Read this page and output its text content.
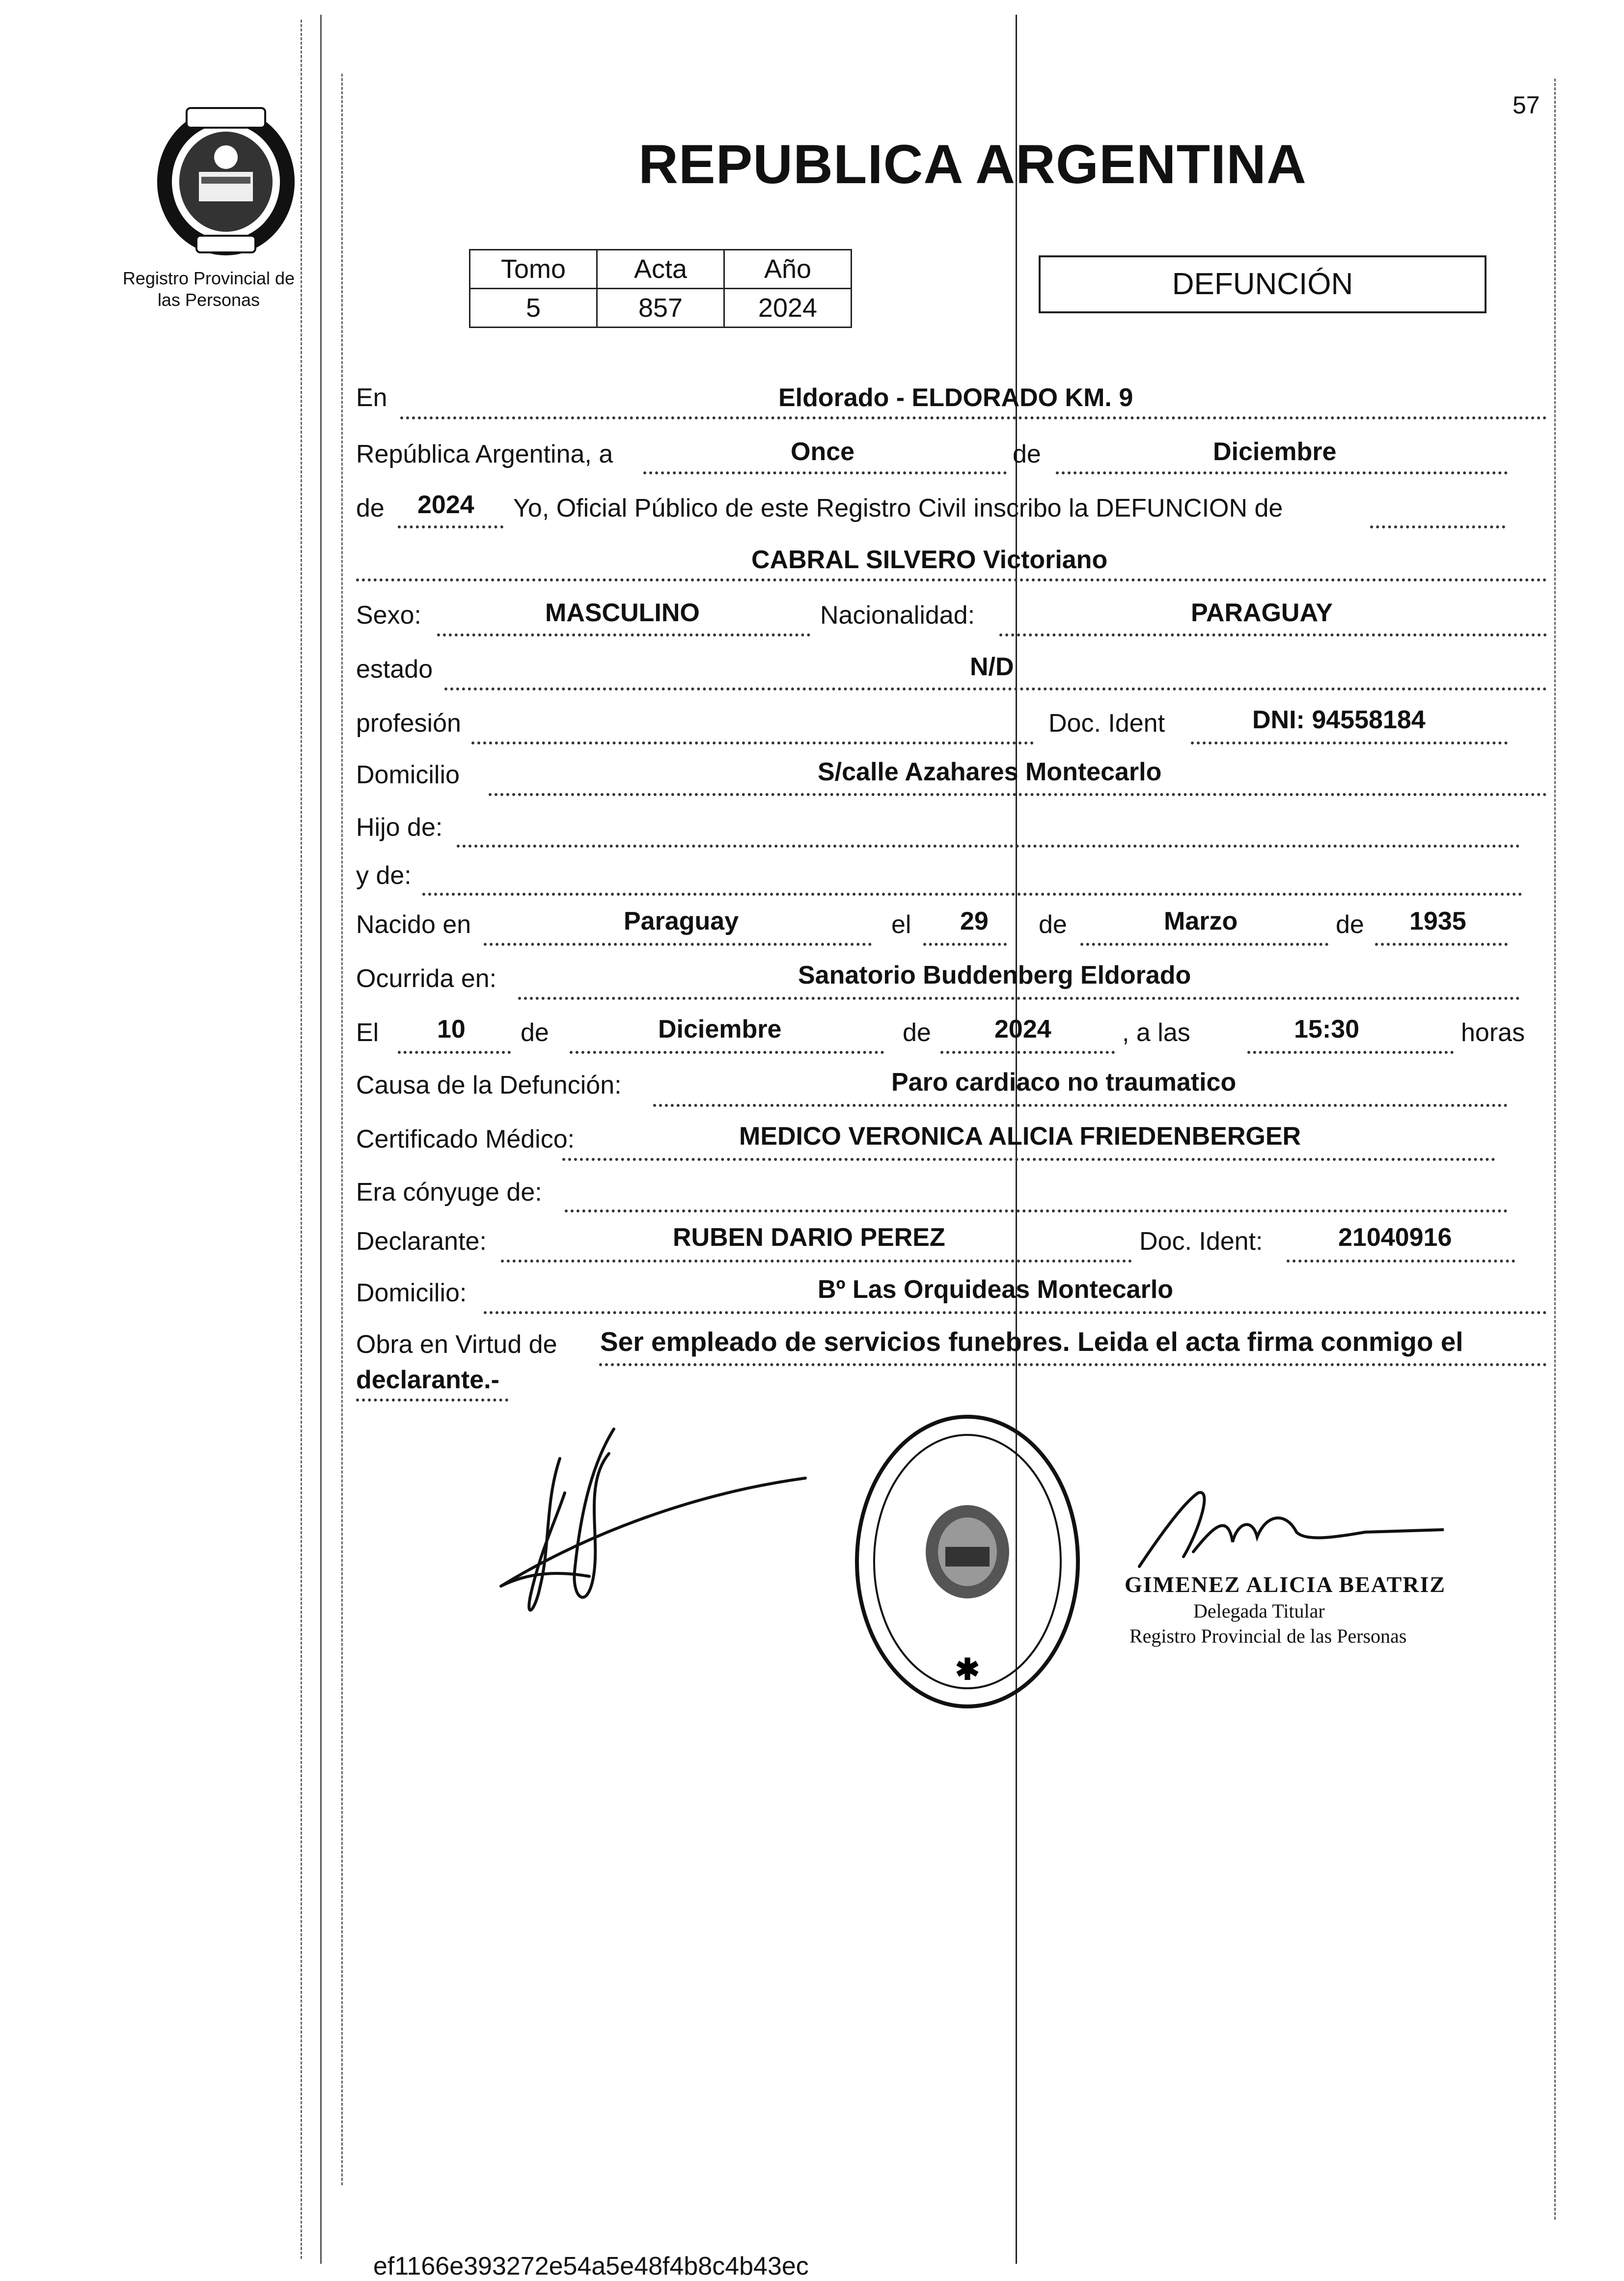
57
REPUBLICA ARGENTINA
Registro Provincial de
las Personas
Tomo	Acta	Año
5	857	2024
DEFUNCIÓN
En	Eldorado - ELDORADO KM. 9
República Argentina, a	Once	de	Diciembre
de 2024 Yo, Oficial Público de este Registro Civil inscribo la DEFUNCION de
CABRAL SILVERO Victoriano
Sexo:	MASCULINO	Nacionalidad:	PARAGUAY
estado	N/D
profesión	Doc. Ident	DNI: 94558184
Domicilio	S/calle Azahares Montecarlo
Hijo de:
y de:
Nacido en	Paraguay	el 29 de	Marzo	de 1935
Ocurrida en:	Sanatorio Buddenberg Eldorado
El 10 de	Diciembre	de 2024	, a las	15:30	horas
Causa de la Defunción:	Paro cardiaco no traumatico
Certificado Médico:	MEDICO VERONICA ALICIA FRIEDENBERGER
Era cónyuge de:
Declarante:	RUBEN DARIO PEREZ	Doc. Ident:	21040916
Domicilio:	Bº Las Orquideas Montecarlo
Obra en Virtud de Ser empleado de servicios funebres. Leida el acta firma conmigo el
declarante.-
✱
GIMENEZ ALICIA BEATRIZ
Delegada Titular
Registro Provincial de las Personas
ef1166e393272e54a5e48f4b8c4b43ec
